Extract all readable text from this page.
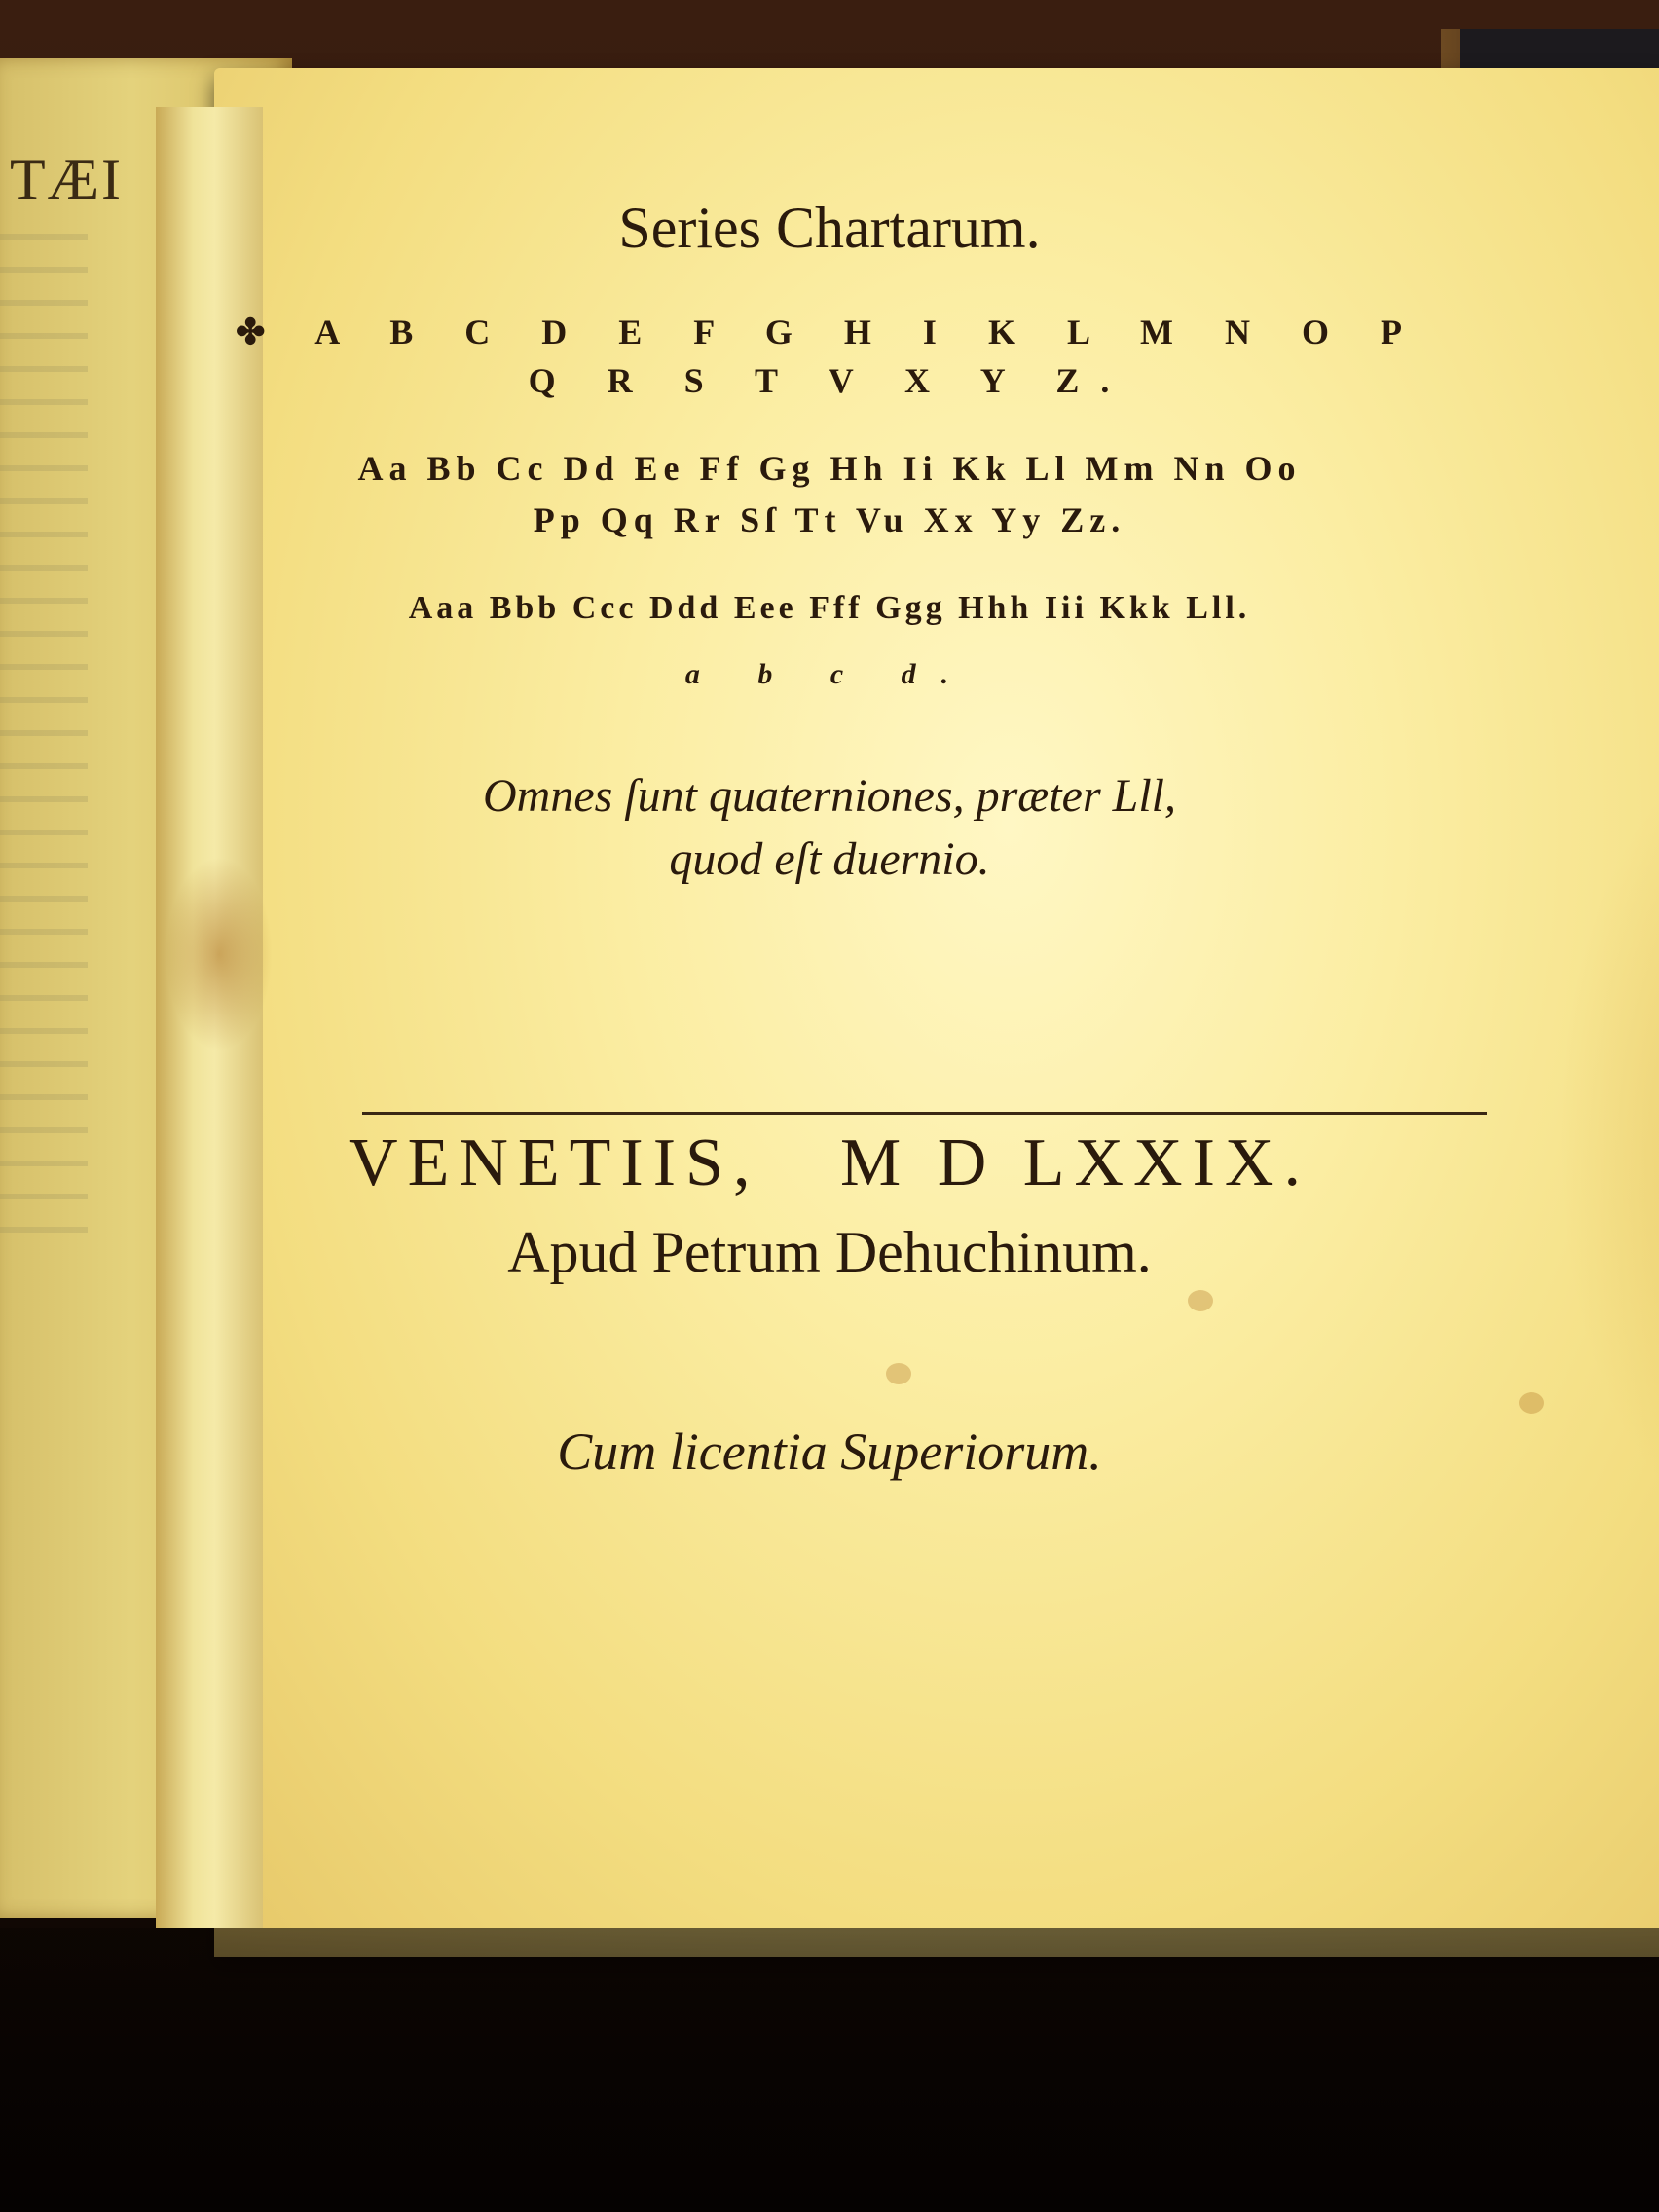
TÆI
Series Chartarum.
✤ A B C D E F G H I K L M N O P
Q R S T V X Y Z.
Aa Bb Cc Dd Ee Ff Gg Hh Ii Kk Ll Mm Nn Oo
Pp Qq Rr Sſ Tt Vu Xx Yy Zz.
Aaa Bbb Ccc Ddd Eee Fff Ggg Hhh Iii Kkk Lll.
a b c d.
Omnes ſunt quaterniones, præter Lll,
quod eſt duernio.
VENETIIS,   M D LXXIX.
Apud Petrum Dehuchinum.
Cum licentia Superiorum.
